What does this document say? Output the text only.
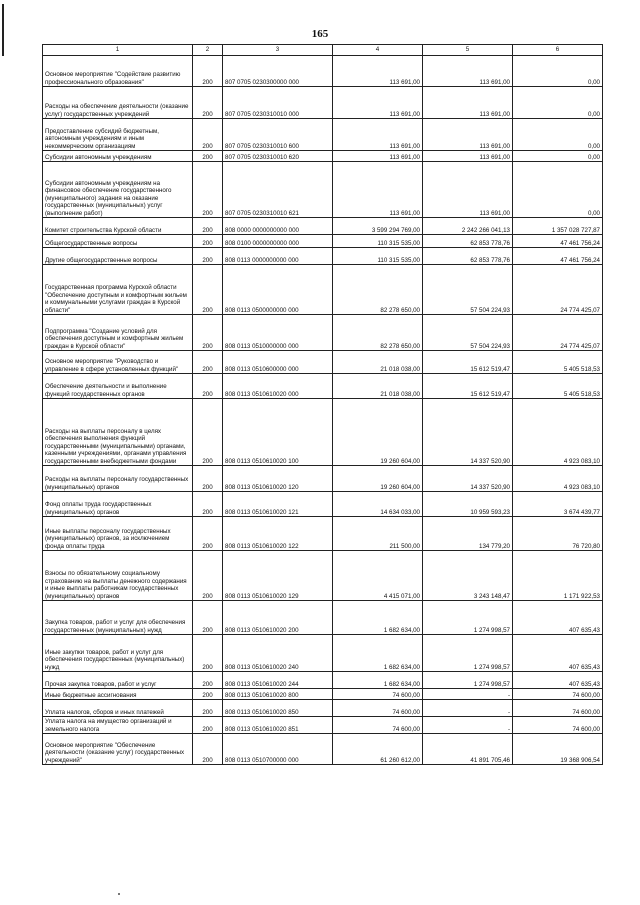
165
1	2	3	4	5	6
Основное мероприятие "Содействие развитию профессионального образования"	200	807 0705 0230300000 000	113 691,00	113 691,00	0,00
Расходы на обеспечение деятельности (оказание услуг) государственных учреждений	200	807 0705 0230310010 000	113 691,00	113 691,00	0,00
Предоставление субсидий бюджетным, автономным учреждениям и иным некоммерческим организациям	200	807 0705 0230310010 600	113 691,00	113 691,00	0,00
Субсидии автономным учреждениям	200	807 0705 0230310010 620	113 691,00	113 691,00	0,00
Субсидии автономным учреждениям на финансовое обеспечение государственного (муниципального) задания на оказание государственных (муниципальных) услуг (выполнение работ)	200	807 0705 0230310010 621	113 691,00	113 691,00	0,00
Комитет строительства Курской области	200	808 0000 0000000000 000	3 599 294 769,00	2 242 266 041,13	1 357 028 727,87
Общегосударственные вопросы	200	808 0100 0000000000 000	110 315 535,00	62 853 778,76	47 461 756,24
Другие общегосударственные вопросы	200	808 0113 0000000000 000	110 315 535,00	62 853 778,76	47 461 756,24
Государственная программа Курской области "Обеспечение доступным и комфортным жильем и коммунальными услугами граждан в Курской области"	200	808 0113 0500000000 000	82 278 650,00	57 504 224,93	24 774 425,07
Подпрограмма "Создание условий для обеспечения доступным и комфортным жильем граждан в Курской области"	200	808 0113 0510000000 000	82 278 650,00	57 504 224,93	24 774 425,07
Основное мероприятие "Руководство и управление в сфере установленных функций"	200	808 0113 0510600000 000	21 018 038,00	15 612 519,47	5 405 518,53
Обеспечение деятельности и выполнение функций государственных органов	200	808 0113 0510610020 000	21 018 038,00	15 612 519,47	5 405 518,53
Расходы на выплаты персоналу в целях обеспечения выполнения функций государственными (муниципальными) органами, казенными учреждениями, органами управления государственными внебюджетными фондами	200	808 0113 0510610020 100	19 260 604,00	14 337 520,90	4 923 083,10
Расходы на выплаты персоналу государственных (муниципальных) органов	200	808 0113 0510610020 120	19 260 604,00	14 337 520,90	4 923 083,10
Фонд оплаты труда государственных (муниципальных) органов	200	808 0113 0510610020 121	14 634 033,00	10 959 593,23	3 674 439,77
Иные выплаты персоналу государственных (муниципальных) органов, за исключением фонда оплаты труда	200	808 0113 0510610020 122	211 500,00	134 779,20	76 720,80
Взносы по обязательному социальному страхованию на выплаты денежного содержания и иные выплаты работникам государственных (муниципальных) органов	200	808 0113 0510610020 129	4 415 071,00	3 243 148,47	1 171 922,53
Закупка товаров, работ и услуг для обеспечения государственных (муниципальных) нужд	200	808 0113 0510610020 200	1 682 634,00	1 274 998,57	407 635,43
Иные закупки товаров, работ и услуг для обеспечения государственных (муниципальных) нужд	200	808 0113 0510610020 240	1 682 634,00	1 274 998,57	407 635,43
Прочая закупка товаров, работ и услуг	200	808 0113 0510610020 244	1 682 634,00	1 274 998,57	407 635,43
Иные бюджетные ассигнования	200	808 0113 0510610020 800	74 600,00	-	74 600,00
Уплата налогов, сборов и иных платежей	200	808 0113 0510610020 850	74 600,00	-	74 600,00
Уплата налога на имущество организаций и земельного налога	200	808 0113 0510610020 851	74 600,00	-	74 600,00
Основное мероприятие "Обеспечение деятельности (оказание услуг) государственных учреждений"	200	808 0113 0510700000 000	61 260 612,00	41 891 705,46	19 368 906,54
